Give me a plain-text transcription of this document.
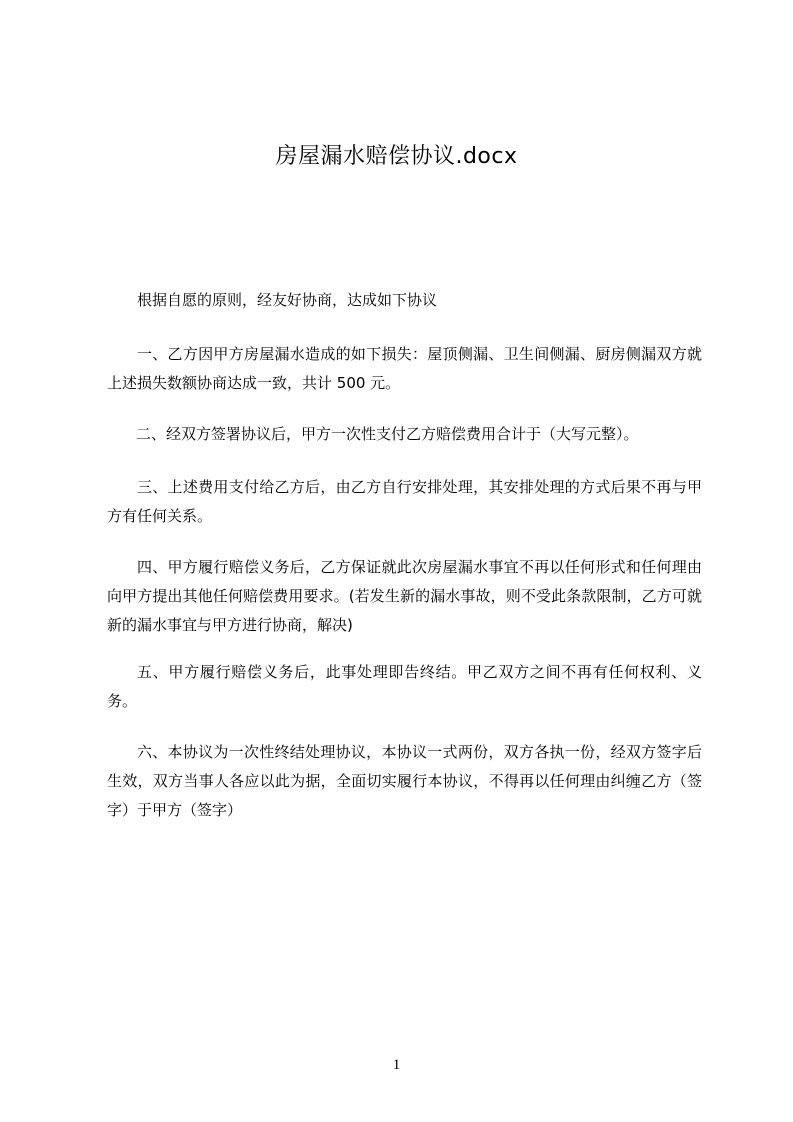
房屋漏水赔偿协议.docx
根据自愿的原则，经友好协商，达成如下协议
一、乙方因甲方房屋漏水造成的如下损失：屋顶侧漏、卫生间侧漏、厨房侧漏双方就上述损失数额协商达成一致，共计 500 元。
二、经双方签署协议后，甲方一次性支付乙方赔偿费用合计于（大写元整）。
三、上述费用支付给乙方后，由乙方自行安排处理，其安排处理的方式后果不再与甲方有任何关系。
四、甲方履行赔偿义务后，乙方保证就此次房屋漏水事宜不再以任何形式和任何理由向甲方提出其他任何赔偿费用要求。(若发生新的漏水事故，则不受此条款限制，乙方可就新的漏水事宜与甲方进行协商，解决)
五、甲方履行赔偿义务后，此事处理即告终结。甲乙双方之间不再有任何权利、义务。
六、本协议为一次性终结处理协议，本协议一式两份，双方各执一份，经双方签字后生效，双方当事人各应以此为据，全面切实履行本协议，不得再以任何理由纠缠乙方（签字）于甲方（签字）
1
